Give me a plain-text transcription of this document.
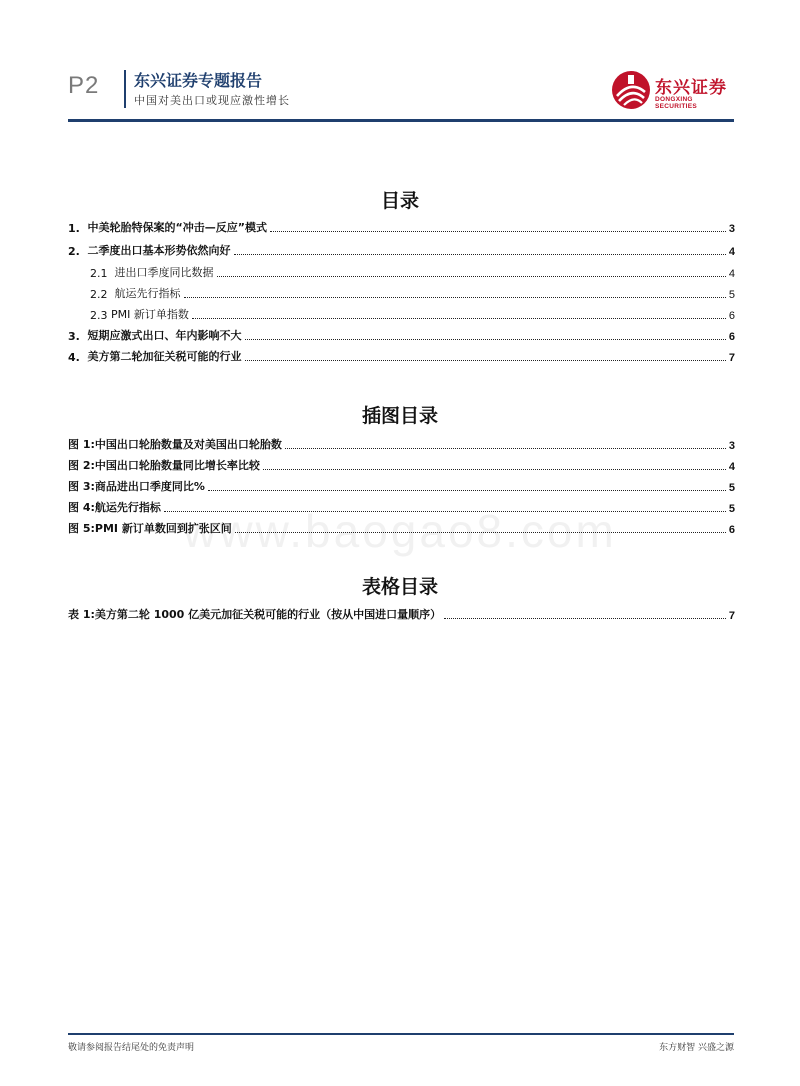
P2 东兴证券专题报告
中国对美出口或现应激性增长
东兴证券
DONGXING SECURITIES
www.baogao8.com
目录
1. 中美轮胎特保案的“冲击—反应”模式	3
2. 二季度出口基本形势依然向好	4
2.1 进出口季度同比数据	4
2.2 航运先行指标	5
2.3 PMI 新订单指数	6
3. 短期应激式出口、年内影响不大	6
4. 美方第二轮加征关税可能的行业	7
插图目录
图 1:中国出口轮胎数量及对美国出口轮胎数	3
图 2:中国出口轮胎数量同比增长率比较	4
图 3:商品进出口季度同比%	5
图 4:航运先行指标	5
图 5:PMI 新订单数回到扩张区间	6
表格目录
表 1:美方第二轮 1000 亿美元加征关税可能的行业（按从中国进口量顺序）	7
敬请参阅报告结尾处的免责声明	东方财智 兴盛之源
